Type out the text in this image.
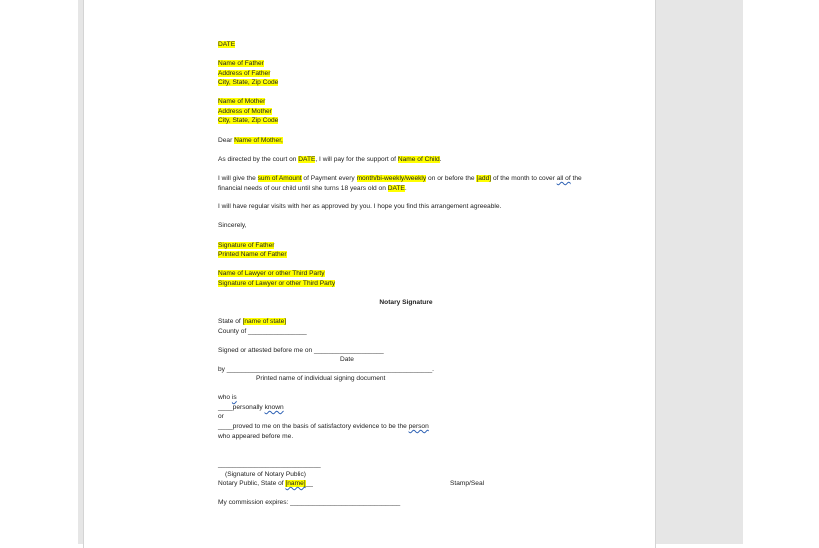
DATE
Name of Father
Address of Father
City, State, Zip Code
Name of Mother
Address of Mother
City, State, Zip Code
Dear Name of Mother,
As directed by the court on DATE, I will pay for the support of Name of Child.
I will give the sum of Amount of Payment every month/bi-weekly/weekly on or before the [add] of the month to cover all of the
financial needs of our child until she turns 18 years old on DATE.
I will have regular visits with her as approved by you. I hope you find this arrangement agreeable.
Sincerely,
Signature of Father
Printed Name of Father
Name of Lawyer or other Third Party
Signature of Lawyer or other Third Party
Notary Signature
State of [name of state]
County of ________________
Signed or attested before me on ___________________
Date
by ________________________________________________________.
Printed name of individual signing document
who is
____personally known
or
____proved to me on the basis of satisfactory evidence to be the person
who appeared before me.
____________________________
(Signature of Notary Public)
Notary Public, State of [name]__	Stamp/Seal
My commission expires: ______________________________
